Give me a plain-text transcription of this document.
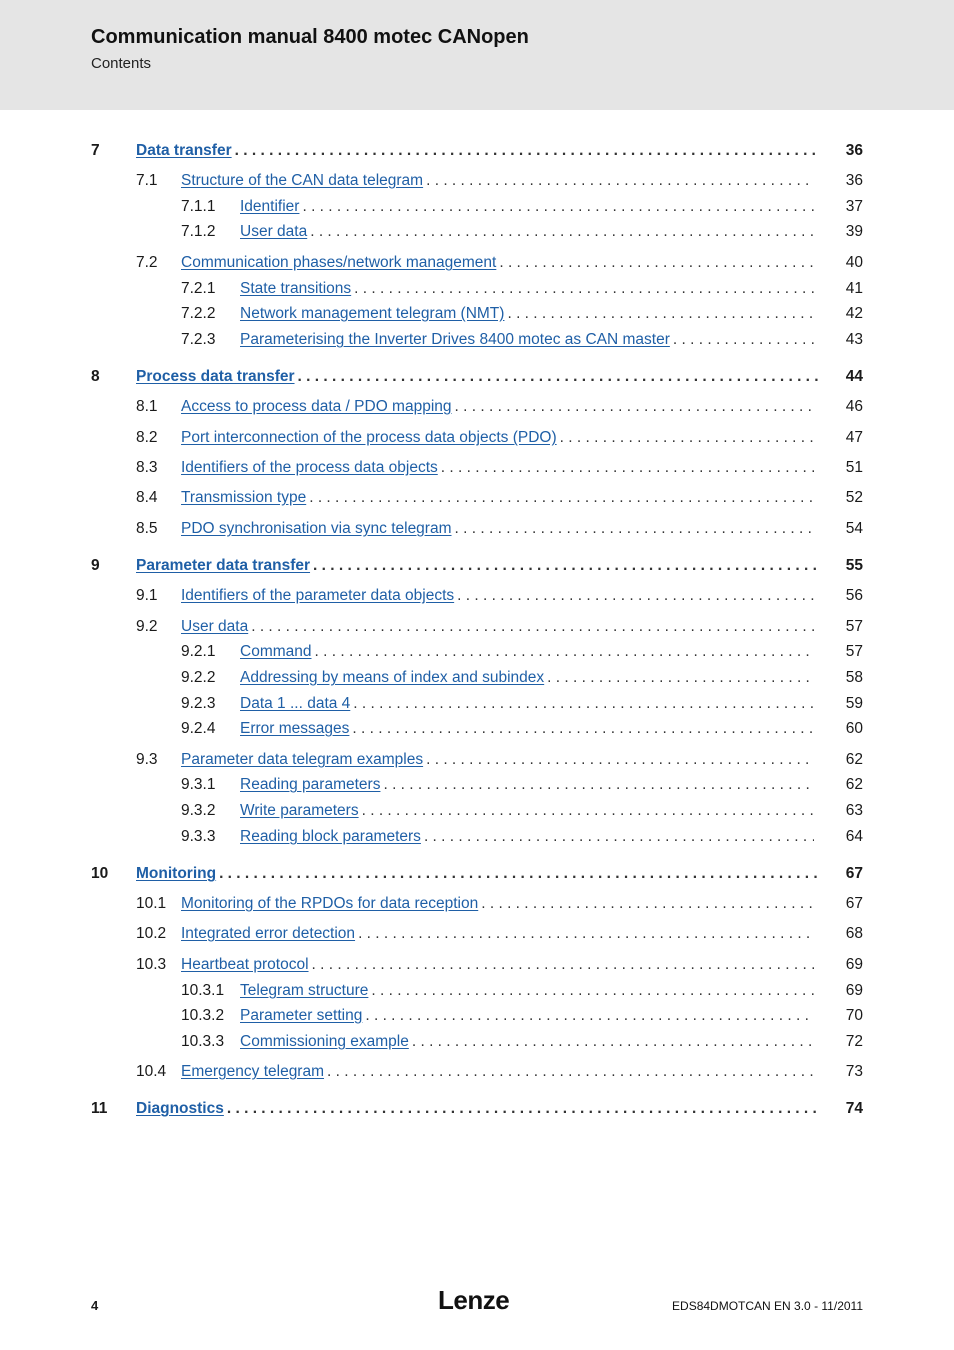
Communication manual 8400 motec CANopen
Contents
7 Data transfer . . .	36
7.1 Structure of the CAN data telegram . . .	36
7.1.1 Identifier . . .	37
7.1.2 User data . . .	39
7.2 Communication phases/network management . . .	40
7.2.1 State transitions . . .	41
7.2.2 Network management telegram (NMT) . . .	42
7.2.3 Parameterising the Inverter Drives 8400 motec as CAN master . . .	43
8 Process data transfer . . .	44
8.1 Access to process data / PDO mapping . . .	46
8.2 Port interconnection of the process data objects (PDO) . . .	47
8.3 Identifiers of the process data objects . . .	51
8.4 Transmission type . . .	52
8.5 PDO synchronisation via sync telegram . . .	54
9 Parameter data transfer . . .	55
9.1 Identifiers of the parameter data objects . . .	56
9.2 User data . . .	57
9.2.1 Command . . .	57
9.2.2 Addressing by means of index and subindex . . .	58
9.2.3 Data 1 ... data 4 . . .	59
9.2.4 Error messages . . .	60
9.3 Parameter data telegram examples . . .	62
9.3.1 Reading parameters . . .	62
9.3.2 Write parameters . . .	63
9.3.3 Reading block parameters . . .	64
10 Monitoring . . .	67
10.1 Monitoring of the RPDOs for data reception . . .	67
10.2 Integrated error detection . . .	68
10.3 Heartbeat protocol . . .	69
10.3.1 Telegram structure . . .	69
10.3.2 Parameter setting . . .	70
10.3.3 Commissioning example . . .	72
10.4 Emergency telegram . . .	73
11 Diagnostics . . .	74
4	Lenze	EDS84DMOTCAN EN 3.0 - 11/2011
